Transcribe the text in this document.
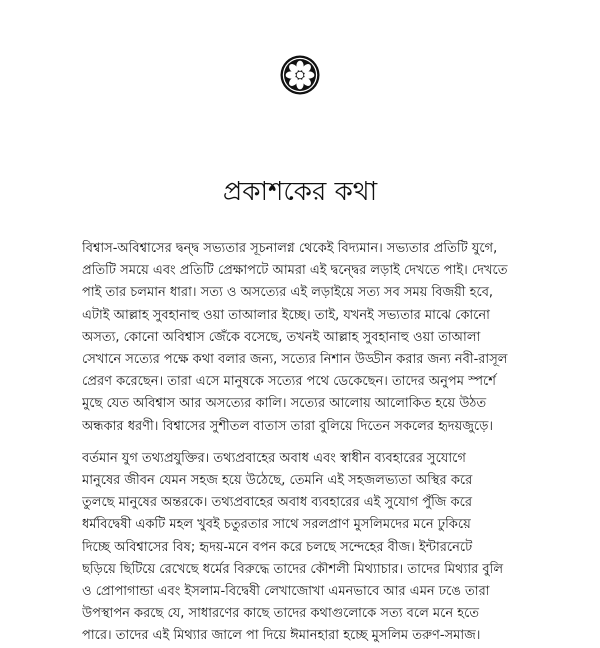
প্রকাশকের কথা
বিশ্বাস-অবিশ্বাসের দ্বন্দ্ব সভ্যতার সূচনালগ্ন থেকেই বিদ্যমান। সভ্যতার প্রতিটি যুগে,
প্রতিটি সময়ে এবং প্রতিটি প্রেক্ষাপটে আমরা এই দ্বন্দ্বের লড়াই দেখতে পাই। দেখতে
পাই তার চলমান ধারা। সত্য ও অসত্যের এই লড়াইয়ে সত্য সব সময় বিজয়ী হবে,
এটাই আল্লাহ সুবহানাহু ওয়া তাআলার ইচ্ছে। তাই, যখনই সভ্যতার মাঝে কোনো
অসত্য, কোনো অবিশ্বাস জেঁকে বসেছে, তখনই আল্লাহ সুবহানাহু ওয়া তাআলা
সেখানে সত্যের পক্ষে কথা বলার জন্য, সত্যের নিশান উড্ডীন করার জন্য নবী-রাসূল
প্রেরণ করেছেন। তারা এসে মানুষকে সত্যের পথে ডেকেছেন। তাদের অনুপম স্পর্শে
মুছে যেত অবিশ্বাস আর অসত্যের কালি। সত্যের আলোয় আলোকিত হয়ে উঠত
অন্ধকার ধরণী। বিশ্বাসের সুশীতল বাতাস তারা বুলিয়ে দিতেন সকলের হৃদয়জুড়ে।
বর্তমান যুগ তথ্যপ্রযুক্তির। তথ্যপ্রবাহের অবাধ এবং স্বাধীন ব্যবহারের সুযোগে
মানুষের জীবন যেমন সহজ হয়ে উঠেছে, তেমনি এই সহজলভ্যতা অস্থির করে
তুলছে মানুষের অন্তরকে। তথ্যপ্রবাহের অবাধ ব্যবহারের এই সুযোগ পুঁজি করে
ধর্মবিদ্বেষী একটি মহল খুবই চতুরতার সাথে সরলপ্রাণ মুসলিমদের মনে ঢুকিয়ে
দিচ্ছে অবিশ্বাসের বিষ; হৃদয়-মনে বপন করে চলছে সন্দেহের বীজ। ইন্টারনেটে
ছড়িয়ে ছিটিয়ে রেখেছে ধর্মের বিরুদ্ধে তাদের কৌশলী মিথ্যাচার। তাদের মিথ্যার বুলি
ও প্রোপাগান্ডা এবং ইসলাম-বিদ্বেষী লেখাজোখা এমনভাবে আর এমন ঢঙে তারা
উপস্থাপন করছে যে, সাধারণের কাছে তাদের কথাগুলোকে সত্য বলে মনে হতে
পারে। তাদের এই মিথ্যার জালে পা দিয়ে ঈমানহারা হচ্ছে মুসলিম তরুণ-সমাজ।
